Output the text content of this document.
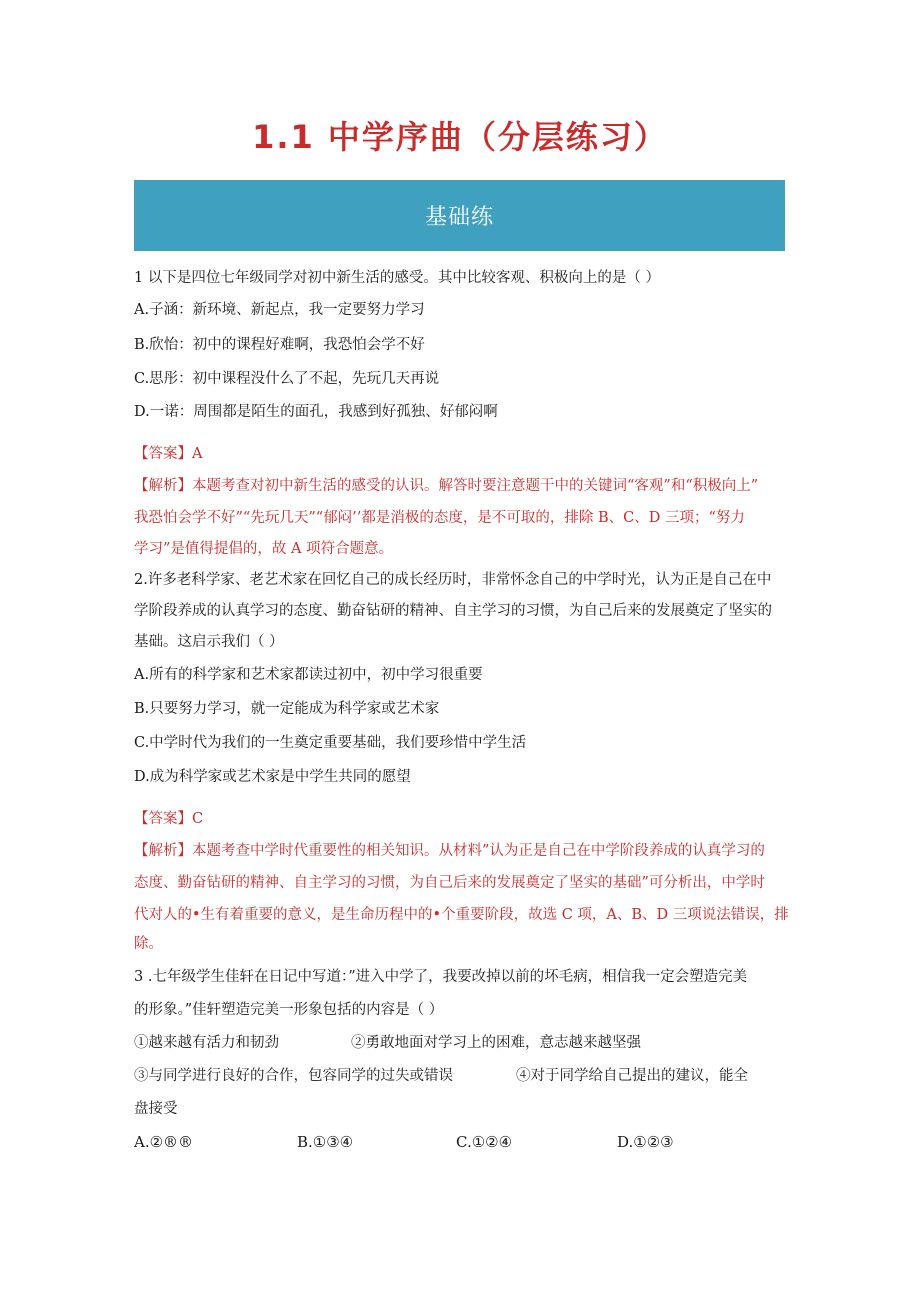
1.1 中学序曲（分层练习）
基础练
1 以下是四位七年级同学对初中新生活的感受。其中比较客观、积极向上的是（ ）
A.子涵：新环境、新起点，我一定要努力学习
B.欣怡：初中的课程好难啊，我恐怕会学不好
C.思彤：初中课程没什么了不起，先玩几天再说
D.一诺：周围都是陌生的面孔，我感到好孤独、好郁闷啊
【答案】A
【解析】本题考查对初中新生活的感受的认识。解答时要注意题干中的关键词“客观”和“积极向上”
我恐怕会学不好”“先玩几天”“郁闷’’都是消极的态度，是不可取的，排除 B、C、D 三项；“努力
学习”是值得提倡的，故 A 项符合题意。
2.许多老科学家、老艺术家在回忆自己的成长经历时，非常怀念自己的中学时光，认为正是自己在中
学阶段养成的认真学习的态度、勤奋钻研的精神、自主学习的习惯，为自己后来的发展奠定了坚实的
基础。这启示我们（ ）
A.所有的科学家和艺术家都读过初中，初中学习很重要
B.只要努力学习，就一定能成为科学家或艺术家
C.中学时代为我们的一生奠定重要基础，我们要珍惜中学生活
D.成为科学家或艺术家是中学生共同的愿望
【答案】C
【解析】本题考查中学时代重要性的相关知识。从材料”认为正是自己在中学阶段养成的认真学习的
态度、勤奋钻研的精神、自主学习的习惯，为自己后来的发展奠定了坚实的基础”可分析出，中学时
代对人的•生有着重要的意义，是生命历程中的•个重要阶段，故选 C 项，A、B、D 三项说法错误，排
除。
3 .七年级学生佳轩在日记中写道：”进入中学了，我要改掉以前的坏毛病，相信我一定会塑造完美
的形象。”佳轩塑造完美一形象包括的内容是（ ）
①越来越有活力和韧劲	②勇敢地面对学习上的困难，意志越来越坚强
③与同学进行良好的合作，包容同学的过失或错误	④对于同学给自己提出的建议，能全
盘接受
A.②®®	B.①③④	C.①②④	D.①②③
